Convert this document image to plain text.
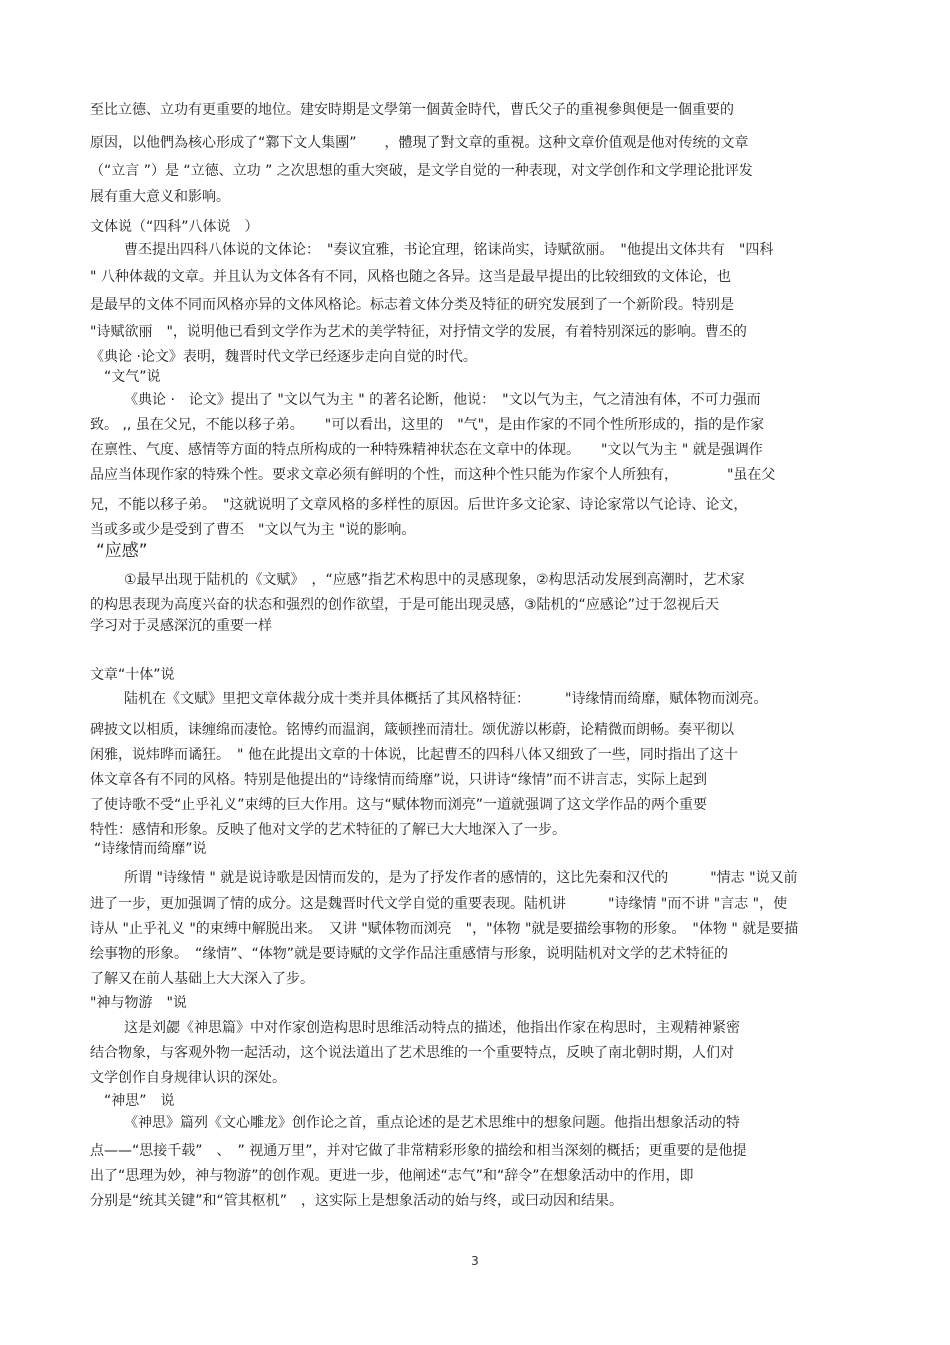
至比立德、立功有更重要的地位。建安時期是文學第一個黃金時代，曹氏父子的重視參與便是一個重要的
原因，以他們為核心形成了“鄴下文人集團”　　，體現了對文章的重視。这种文章价值观是他对传统的文章
（“立言 ”）是 “立德、立功 ” 之次思想的重大突破，是文学自觉的一种表现，对文学创作和文学理论批评发
展有重大意义和影响。
文体说（“四科”八体说　）
曹丕提出四科八体说的文体论：　"奏议宜雅，书论宜理，铭诔尚实，诗赋欲丽。　"他提出文体共有　"四科
" 八种体裁的文章。并且认为文体各有不同，风格也随之各异。这当是最早提出的比较细致的文体论，也
是最早的文体不同而风格亦异的文体风格论。标志着文体分类及特征的研究发展到了一个新阶段。特别是
"诗赋欲丽　"，说明他已看到文学作为艺术的美学特征，对抒情文学的发展，有着特别深远的影响。曹丕的
《典论 ·论文》表明，魏晋时代文学已经逐步走向自觉的时代。
“文气”说
《典论 ·　论文》提出了 "文以气为主 " 的著名论断，他说：　"文以气为主，气之清浊有体，不可力强而
致。 ,, 虽在父兄，不能以移子弟。　　"可以看出，这里的　"气"，是由作家的不同个性所形成的，指的是作家
在禀性、气度、感情等方面的特点所构成的一种特殊精神状态在文章中的体现。　　"文以气为主 " 就是强调作
品应当体现作家的特殊个性。要求文章必须有鲜明的个性，而这种个性只能为作家个人所独有，　　　　"虽在父
兄，不能以移子弟。　"这就说明了文章风格的多样性的原因。后世许多文论家、诗论家常以气论诗、论文，
当或多或少是受到了曹丕　"文以气为主 "说的影响。
“应感”
①最早出现于陆机的《文赋》　，“应感”指艺术构思中的灵感现象，②构思活动发展到高潮时，艺术家
的构思表现为高度兴奋的状态和强烈的创作欲望，于是可能出现灵感，③陆机的“应感论”过于忽视后天
学习对于灵感深沉的重要一样
文章“十体”说
陆机在《文赋》里把文章体裁分成十类并具体概括了其风格特征：　　　"诗缘情而绮靡，赋体物而浏亮。
碑披文以相质，诔缠绵而凄怆。铭博约而温润，箴顿挫而清壮。颂优游以彬蔚，论精微而朗畅。奏平彻以
闲雅，说炜晔而谲狂。　" 他在此提出文章的十体说，比起曹丕的四科八体又细致了一些，同时指出了这十
体文章各有不同的风格。特别是他提出的“诗缘情而绮靡”说，只讲诗“缘情”而不讲言志，实际上起到
了使诗歌不受“止乎礼义”束缚的巨大作用。这与“赋体物而浏亮”一道就强调了这文学作品的两个重要
特性：感情和形象。反映了他对文学的艺术特征的了解已大大地深入了一步。
“诗缘情而绮靡”说
所谓 "诗缘情 " 就是说诗歌是因情而发的，是为了抒发作者的感情的，这比先秦和汉代的　　　"情志 "说又前
进了一步，更加强调了情的成分。这是魏晋时代文学自觉的重要表现。陆机讲　　　"诗缘情 "而不讲 "言志 "，使
诗从 "止乎礼义 "的束缚中解脱出来。　又讲 "赋体物而浏亮　"，"体物 "就是要描绘事物的形象。　"体物 " 就是要描
绘事物的形象。　“缘情”、“体物”就是要诗赋的文学作品注重感情与形象，说明陆机对文学的艺术特征的
了解又在前人基础上大大深入了步。
"神与物游　"说
这是刘勰《神思篇》中对作家创造构思时思维活动特点的描述，他指出作家在构思时，主观精神紧密
结合物象，与客观外物一起活动，这个说法道出了艺术思维的一个重要特点，反映了南北朝时期，人们对
文学创作自身规律认识的深处。
“神思”　说
《神思》篇列《文心雕龙》创作论之首，重点论述的是艺术思维中的想象问题。他指出想象活动的特
点——“思接千载”　、　” 视通万里”，并对它做了非常精彩形象的描绘和相当深刻的概括；更重要的是他提
出了“思理为妙，神与物游”的创作观。更进一步，他阐述“志气”和“辞令”在想象活动中的作用，即
分别是“统其关键”和“管其枢机”　，这实际上是想象活动的始与终，或曰动因和结果。
3
